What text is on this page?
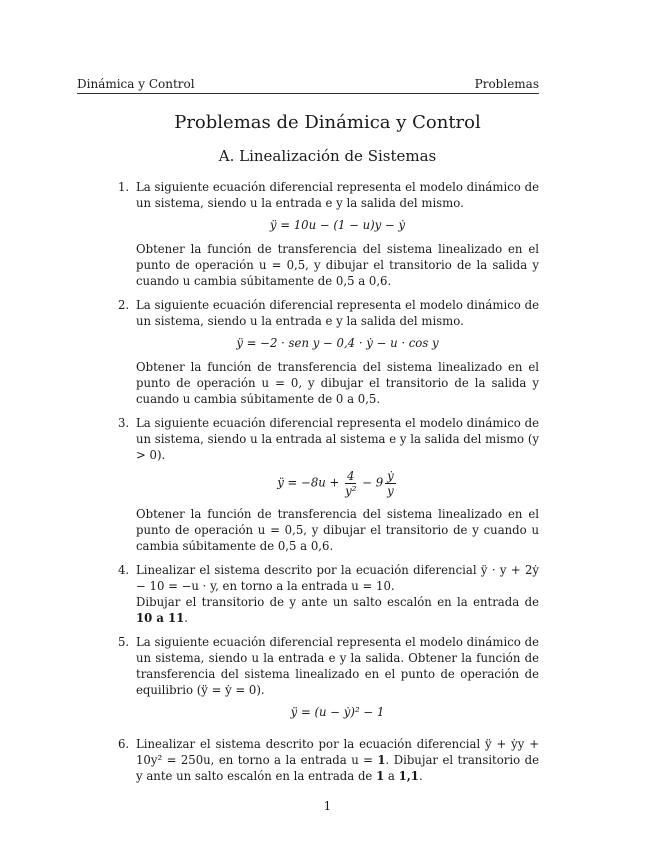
Dinámica y Control	Problemas
Problemas de Dinámica y Control
A. Linealización de Sistemas
1. La siguiente ecuación diferencial representa el modelo dinámico de un sistema, siendo u la entrada e y la salida del mismo.

ÿ = 10u − (1 − u)y − ẏ

Obtener la función de transferencia del sistema linealizado en el punto de operación u = 0,5, y dibujar el transitorio de la salida y cuando u cambia súbitamente de 0,5 a 0,6.

2. La siguiente ecuación diferencial representa el modelo dinámico de un sistema, siendo u la entrada e y la salida del mismo.

ÿ = −2 · sen y − 0,4 · ẏ − u · cos y

Obtener la función de transferencia del sistema linealizado en el punto de operación u = 0, y dibujar el transitorio de la salida y cuando u cambia súbitamente de 0 a 0,5.

3. La siguiente ecuación diferencial representa el modelo dinámico de un sistema, siendo u la entrada al sistema e y la salida del mismo (y > 0).

ÿ = $-8u + \frac{4}{\text{y²}} - 9 \frac{\text{ẏ}}{y}$

Obtener la función de transferencia del sistema linealizado en el punto de operación u = 0,5, y dibujar el transitorio de y cuando u cambia súbitamente de 0,5 a 0,6.

4. Linealizar el sistema descrito por la ecuación diferencial ÿ · y + 2ẏ − 10 = −u · y, en torno a la entrada u = 10.

Dibujar el transitorio de y ante un salto escalón en la entrada de 10 a 11.

5. La siguiente ecuación diferencial representa el modelo dinámico de un sistema, siendo u la entrada e y la salida. Obtener la función de transferencia del sistema linealizado en el punto de operación de equilibrio (ÿ = ẏ = 0).

ÿ = (u − ẏ)² − 1
6. Linealizar el sistema descrito por la ecuación diferencial ÿ + ẏy + 10y² = 250u, en torno a la entrada u = 1. Dibujar el transitorio de y ante un salto escalón en la entrada de 1 a 1,1.

1
